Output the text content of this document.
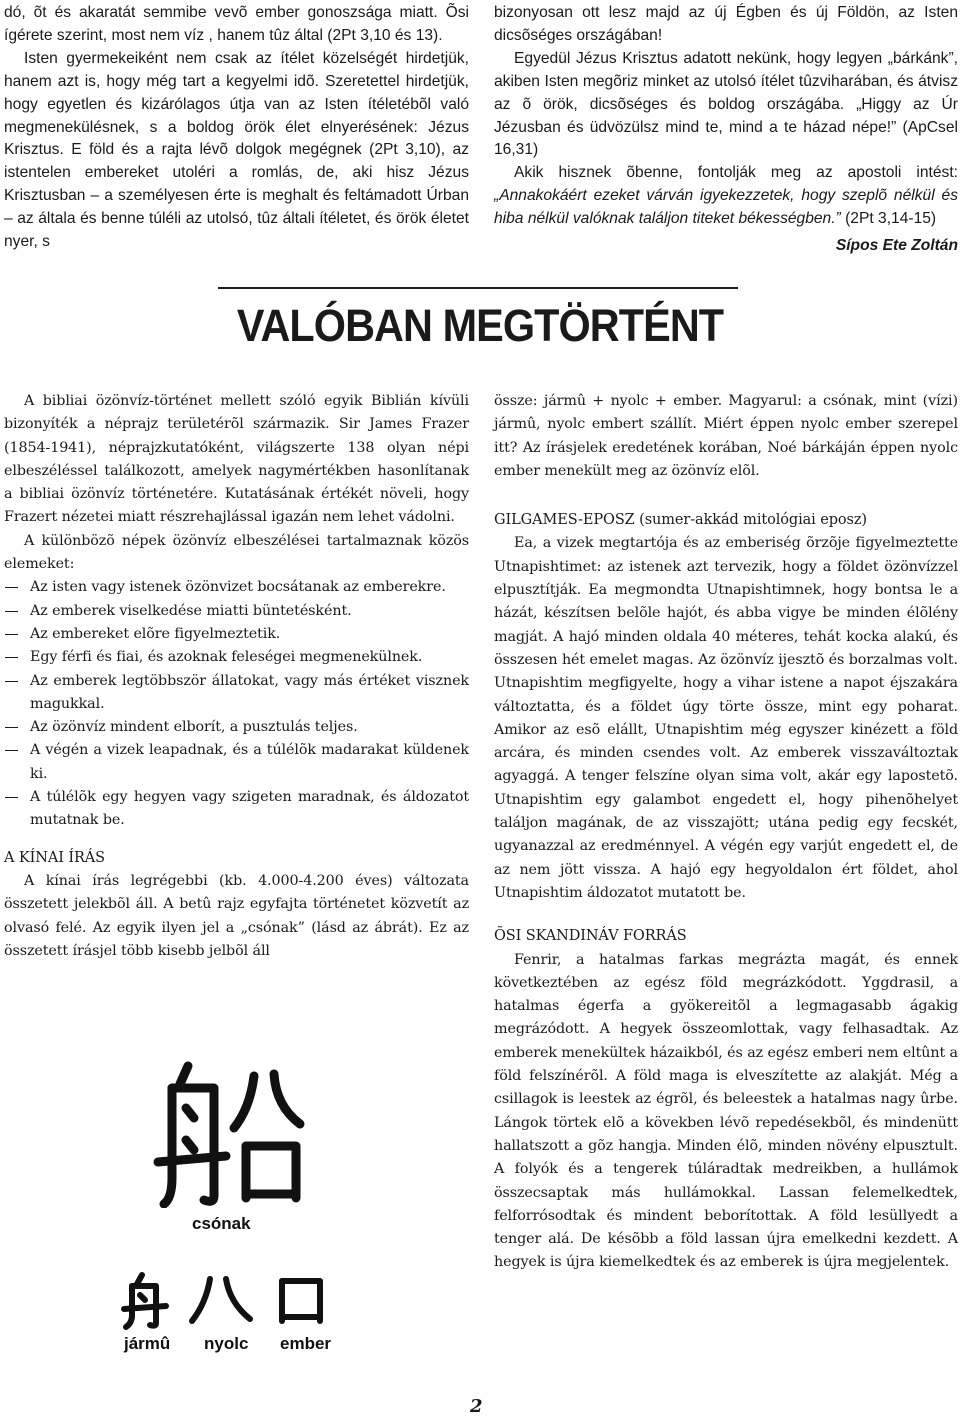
dó, õt és akaratát semmibe vevõ ember gonoszsága miatt. Õsi ígérete szerint, most nem víz , hanem tûz által (2Pt 3,10 és 13).

Isten gyermekeiként nem csak az ítélet közelségét hirdetjük, hanem azt is, hogy még tart a kegyelmi idõ. Szeretettel hirdetjük, hogy egyetlen és kizárólagos útja van az Isten ítéletébõl való megmenekülésnek, s a boldog örök élet elnyerésének: Jézus Krisztus. E föld és a rajta lévõ dolgok megégnek (2Pt 3,10), az istentelen embereket utoléri a romlás, de, aki hisz Jézus Krisztusban – a személyesen érte is meghalt és feltámadott Úrban – az általa és benne túléli az utolsó, tûz általi ítéletet, és örök életet nyer, s

bizonyosan ott lesz majd az új Égben és új Földön, az Isten dicsõséges országában!

Egyedül Jézus Krisztus adatott nekünk, hogy legyen „bárkánk”, akiben Isten megõriz minket az utolsó ítélet tûzviharában, és átvisz az õ örök, dicsõséges és boldog országába. „Higgy az Úr Jézusban és üdvözülsz mind te, mind a te házad népe!” (ApCsel 16,31)

Akik hisznek õbenne, fontolják meg az apostoli intést: „Annakokáért ezeket várván igyekezzetek, hogy szeplõ nélkül és hiba nélkül valóknak találjon titeket békességben.” (2Pt 3,14-15)

Sípos Ete Zoltán
VALÓBAN MEGTÖRTÉNT

A bibliai özönvíz-történet mellett szóló egyik Biblián kívüli bizonyíték a néprajz területérõl származik. Sir James Frazer (1854-1941), néprajzkutatóként, világszerte 138 olyan népi elbeszéléssel találkozott, amelyek nagymértékben hasonlítanak a bibliai özönvíz történetére. Kutatásának értékét növeli, hogy Frazert nézetei miatt részrehajlással igazán nem lehet vádolni.

A különbözõ népek özönvíz elbeszélései tartalmaznak közös elemeket:

Az isten vagy istenek özönvizet bocsátanak az emberekre.
Az emberek viselkedése miatti büntetésként.
Az embereket elõre figyelmeztetik.
Egy férfi és fiai, és azoknak feleségei megmenekülnek.
Az emberek legtöbbször állatokat, vagy más értéket visznek magukkal.
Az özönvíz mindent elborít, a pusztulás teljes.
A végén a vizek leapadnak, és a túlélõk madarakat küldenek ki.
A túlélõk egy hegyen vagy szigeten maradnak, és áldozatot mutatnak be.
A KÍNAI ÍRÁS

A kínai írás legrégebbi (kb. 4.000-4.200 éves) változata összetett jelekbõl áll. A betû rajz egyfajta történetet közvetít az olvasó felé. Az egyik ilyen jel a „csónak” (lásd az ábrát). Ez az összetett írásjel több kisebb jelbõl áll

csónak
jármû nyolc ember

össze: jármû + nyolc + ember. Magyarul: a csónak, mint (vízi) jármû, nyolc embert szállít. Miért éppen nyolc ember szerepel itt? Az írásjelek eredetének korában, Noé bárkáján éppen nyolc ember menekült meg az özönvíz elõl.

GILGAMES-EPOSZ (sumer-akkád mitológiai eposz)

Ea, a vizek megtartója és az emberiség õrzõje figyelmeztette Utnapishtimet: az istenek azt tervezik, hogy a földet özönvízzel elpusztítják. Ea megmondta Utnapishtimnek, hogy bontsa le a házát, készítsen belõle hajót, és abba vigye be minden élõlény magját. A hajó minden oldala 40 méteres, tehát kocka alakú, és összesen hét emelet magas. Az özönvíz ijesztõ és borzalmas volt. Utnapishtim megfigyelte, hogy a vihar istene a napot éjszakára változtatta, és a földet úgy törte össze, mint egy poharat. Amikor az esõ elállt, Utnapishtim még egyszer kinézett a föld arcára, és minden csendes volt. Az emberek visszaváltoztak agyaggá. A tenger felszíne olyan sima volt, akár egy lapostetõ. Utnapishtim egy galambot engedett el, hogy pihenõhelyet találjon magának, de az visszajött; utána pedig egy fecskét, ugyanazzal az eredménnyel. A végén egy varjút engedett el, de az nem jött vissza. A hajó egy hegyoldalon ért földet, ahol Utnapishtim áldozatot mutatott be.

ÕSI SKANDINÁV FORRÁS

Fenrir, a hatalmas farkas megrázta magát, és ennek következtében az egész föld megrázkódott. Yggdrasil, a hatalmas égerfa a gyökereitõl a legmagasabb ágakig megrázódott. A hegyek összeomlottak, vagy felhasadtak. Az emberek menekültek házaikból, és az egész emberi nem eltûnt a föld felszínérõl. A föld maga is elveszítette az alakját. Még a csillagok is leestek az égrõl, és beleestek a hatalmas nagy ûrbe. Lángok törtek elõ a kövekben lévõ repedésekbõl, és mindenütt hallatszott a gõz hangja. Minden élõ, minden növény elpusztult. A folyók és a tengerek túláradtak medreikben, a hullámok összecsaptak más hullámokkal. Lassan felemelkedtek, felforrósodtak és mindent beborítottak. A föld lesüllyedt a tenger alá. De késõbb a föld lassan újra emelkedni kezdett. A hegyek is újra kiemelkedtek és az emberek is újra megjelentek.

2
